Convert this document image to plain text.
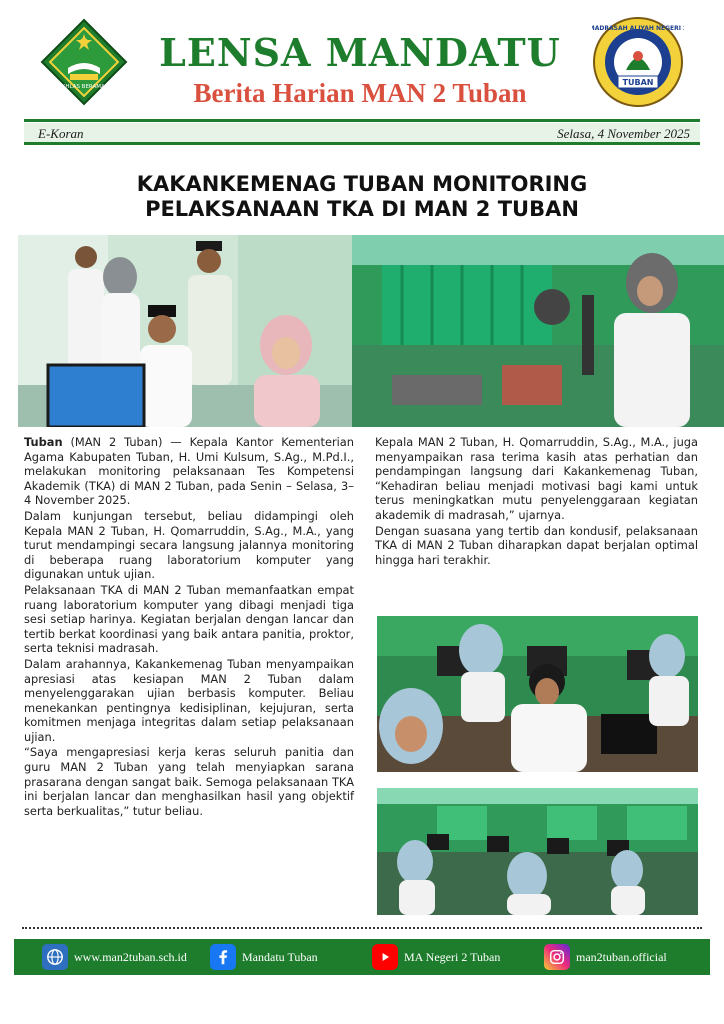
IKHLAS BERAMAL
LENSA MANDATU
Berita Harian MAN 2 Tuban
MADRASAH ALIYAH NEGERI 2
TUBAN
E-Koran	Selasa, 4 November 2025
KAKANKEMENAG TUBAN MONITORING
PELAKSANAAN TKA DI MAN 2 TUBAN

Tuban (MAN 2 Tuban) — Kepala Kantor Kementerian Agama Kabupaten Tuban, H. Umi Kulsum, S.Ag., M.Pd.I., melakukan monitoring pelaksanaan Tes Kompetensi Akademik (TKA) di MAN 2 Tuban, pada Senin – Selasa, 3–4 November 2025.

Dalam kunjungan tersebut, beliau didampingi oleh Kepala MAN 2 Tuban, H. Qomarruddin, S.Ag., M.A., yang turut mendampingi secara langsung jalannya monitoring di beberapa ruang laboratorium komputer yang digunakan untuk ujian.

Pelaksanaan TKA di MAN 2 Tuban memanfaatkan empat ruang laboratorium komputer yang dibagi menjadi tiga sesi setiap harinya. Kegiatan berjalan dengan lancar dan tertib berkat koordinasi yang baik antara panitia, proktor, serta teknisi madrasah.

Dalam arahannya, Kakankemenag Tuban menyampaikan apresiasi atas kesiapan MAN 2 Tuban dalam menyelenggarakan ujian berbasis komputer. Beliau menekankan pentingnya kedisiplinan, kejujuran, serta komitmen menjaga integritas dalam setiap pelaksanaan ujian.

“Saya mengapresiasi kerja keras seluruh panitia dan guru MAN 2 Tuban yang telah menyiapkan sarana prasarana dengan sangat baik. Semoga pelaksanaan TKA ini berjalan lancar dan menghasilkan hasil yang objektif serta berkualitas,” tutur beliau.

Kepala MAN 2 Tuban, H. Qomarruddin, S.Ag., M.A., juga menyampaikan rasa terima kasih atas perhatian dan pendampingan langsung dari Kakankemenag Tuban, “Kehadiran beliau menjadi motivasi bagi kami untuk terus meningkatkan mutu penyelenggaraan kegiatan akademik di madrasah,” ujarnya.

Dengan suasana yang tertib dan kondusif, pelaksanaan TKA di MAN 2 Tuban diharapkan dapat berjalan optimal hingga hari terakhir.

www.man2tuban.sch.id	Mandatu Tuban	MA Negeri 2 Tuban	man2tuban.official
